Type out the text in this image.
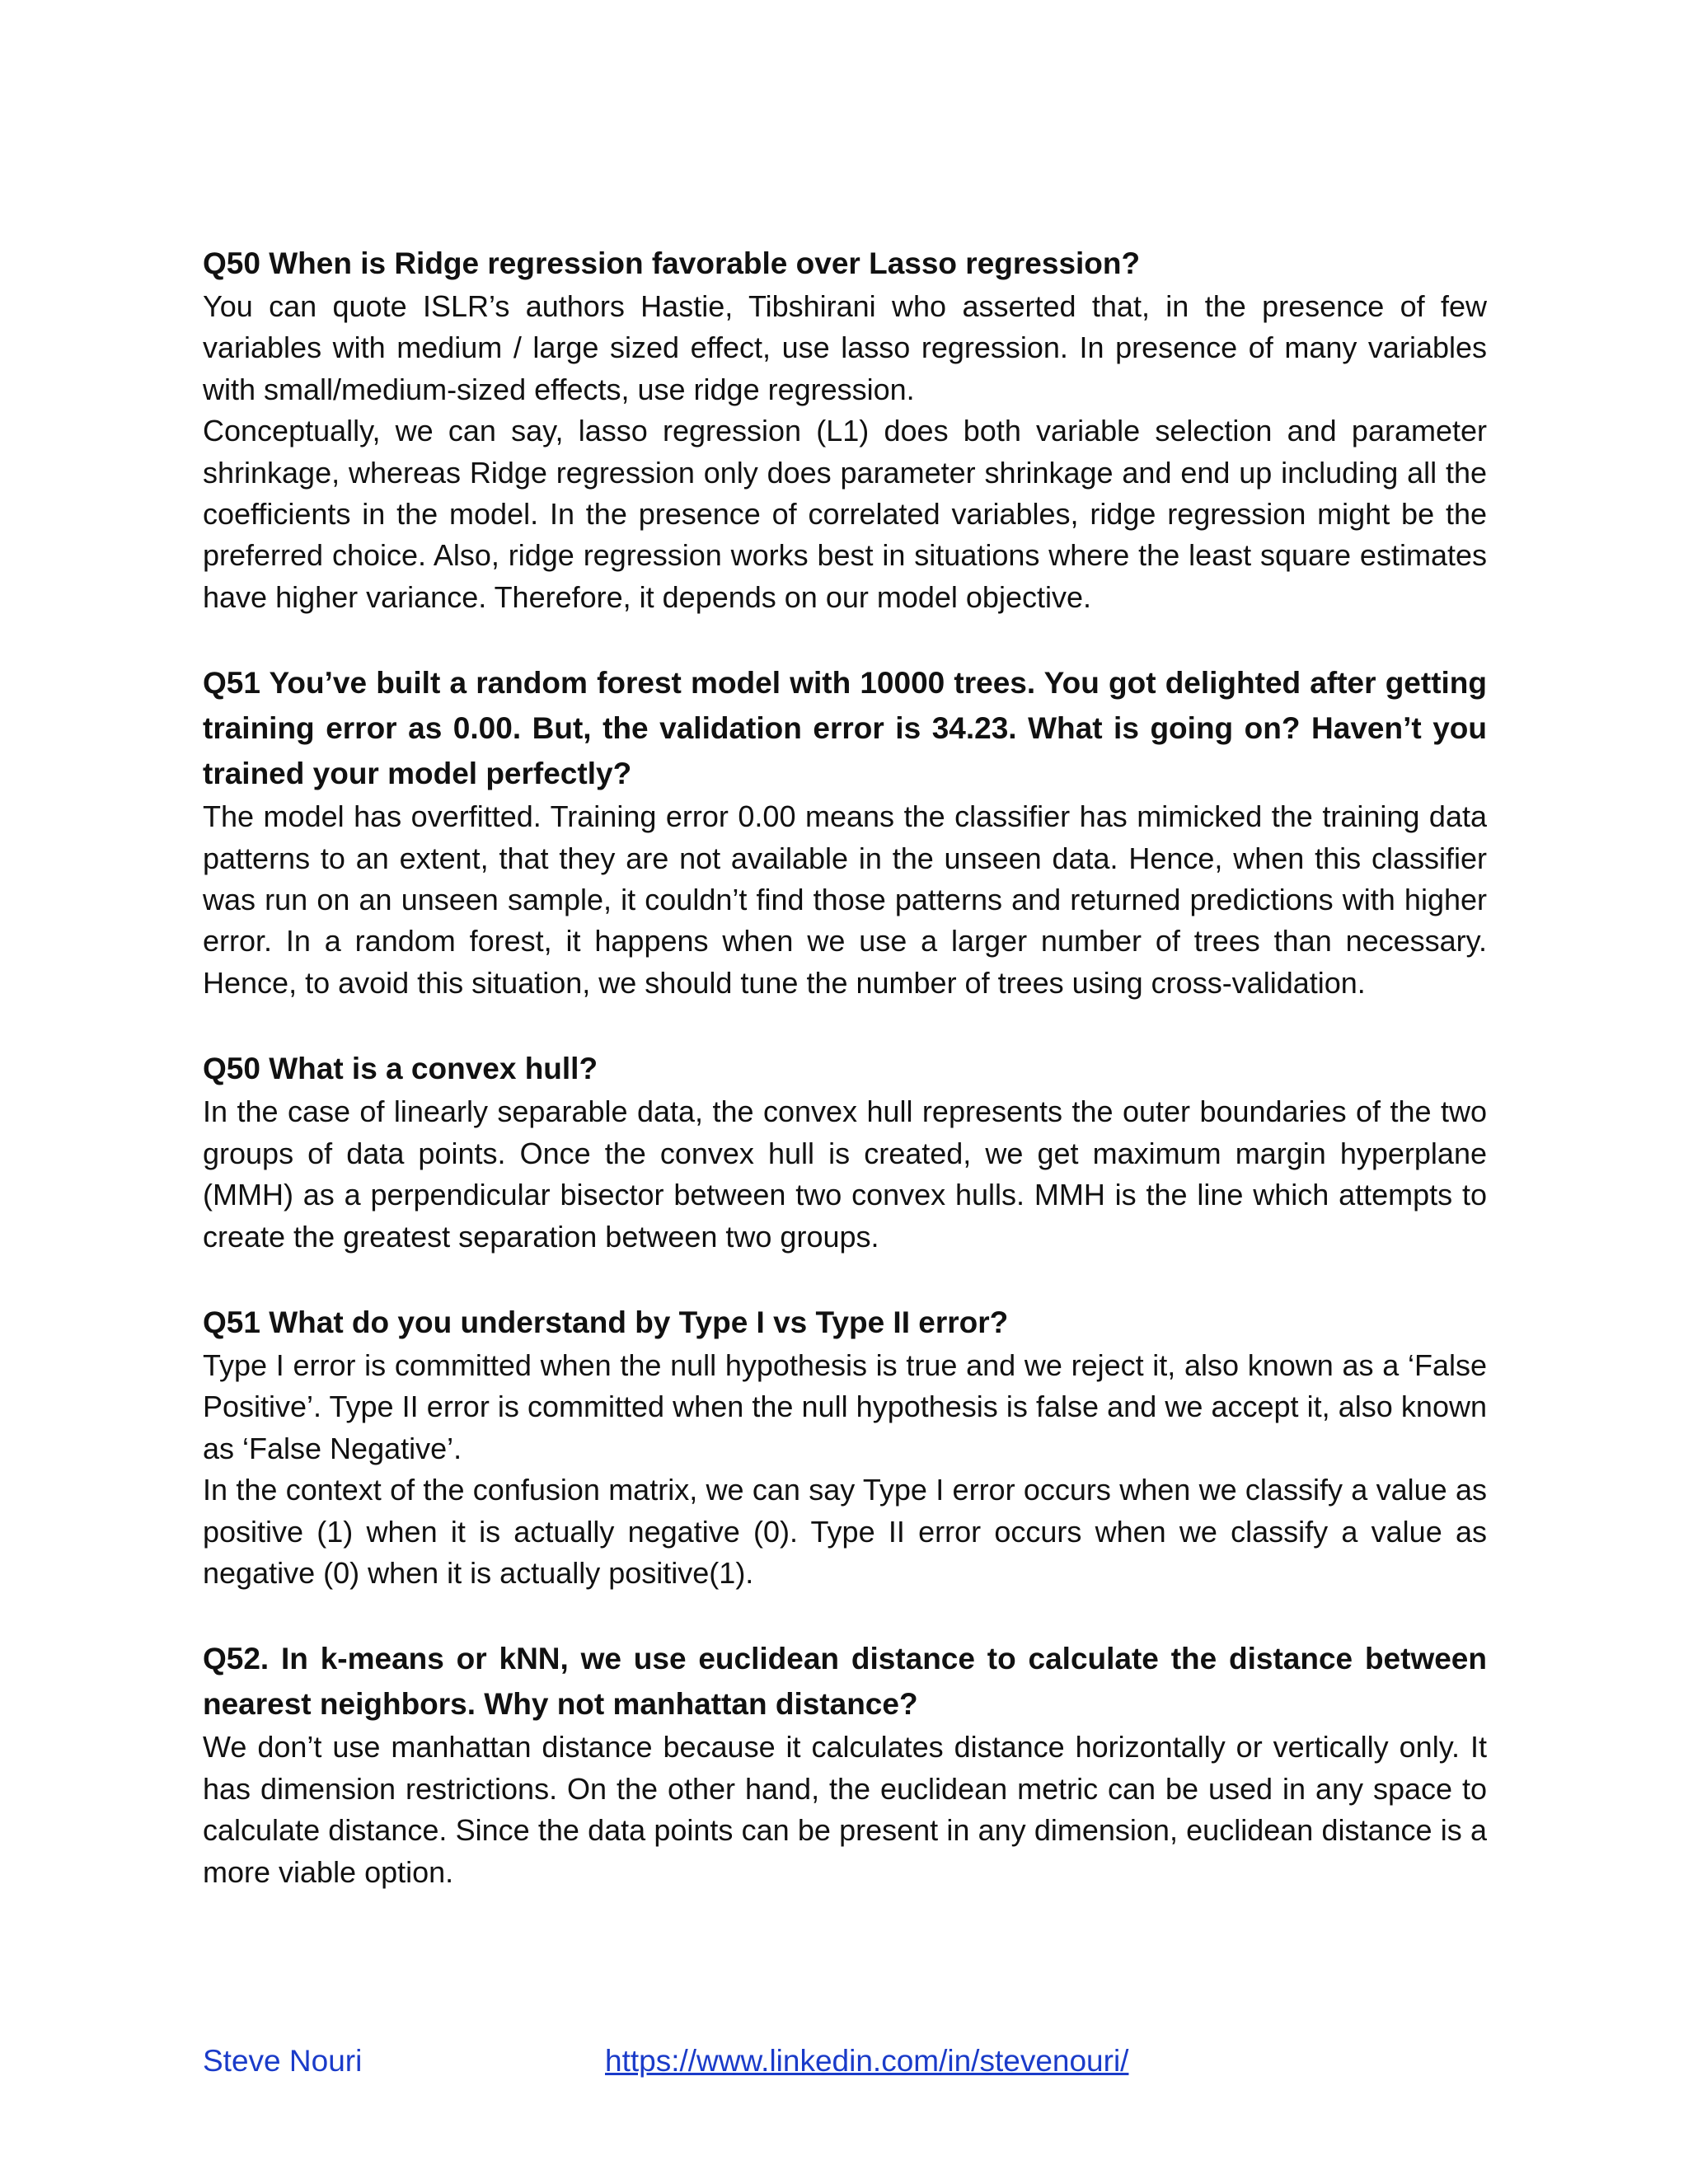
Q50 When is Ridge regression favorable over Lasso regression?

You can quote ISLR’s authors Hastie, Tibshirani who asserted that, in the presence of few variables with medium / large sized effect, use lasso regression. In presence of many variables with small/medium-sized effects, use ridge regression.

Conceptually, we can say, lasso regression (L1) does both variable selection and parameter shrinkage, whereas Ridge regression only does parameter shrinkage and end up including all the coefficients in the model. In the presence of correlated variables, ridge regression might be the preferred choice. Also, ridge regression works best in situations where the least square estimates have higher variance. Therefore, it depends on our model objective.

Q51 You’ve built a random forest model with 10000 trees. You got delighted after getting training error as 0.00. But, the validation error is 34.23. What is going on? Haven’t you trained your model perfectly?

The model has overfitted. Training error 0.00 means the classifier has mimicked the training data patterns to an extent, that they are not available in the unseen data. Hence, when this classifier was run on an unseen sample, it couldn’t find those patterns and returned predictions with higher error. In a random forest, it happens when we use a larger number of trees than necessary. Hence, to avoid this situation, we should tune the number of trees using cross-validation.

Q50 What is a convex hull?

In the case of linearly separable data, the convex hull represents the outer boundaries of the two groups of data points. Once the convex hull is created, we get maximum margin hyperplane (MMH) as a perpendicular bisector between two convex hulls. MMH is the line which attempts to create the greatest separation between two groups.

Q51 What do you understand by Type I vs Type II error?

Type I error is committed when the null hypothesis is true and we reject it, also known as a ‘False Positive’. Type II error is committed when the null hypothesis is false and we accept it, also known as ‘False Negative’.

In the context of the confusion matrix, we can say Type I error occurs when we classify a value as positive (1) when it is actually negative (0). Type II error occurs when we classify a value as negative (0) when it is actually positive(1).

Q52. In k-means or kNN, we use euclidean distance to calculate the distance between nearest neighbors. Why not manhattan distance?

We don’t use manhattan distance because it calculates distance horizontally or vertically only. It has dimension restrictions. On the other hand, the euclidean metric can be used in any space to calculate distance. Since the data points can be present in any dimension, euclidean distance is a more viable option.

Steve Nouri	https://www.linkedin.com/in/stevenouri/
